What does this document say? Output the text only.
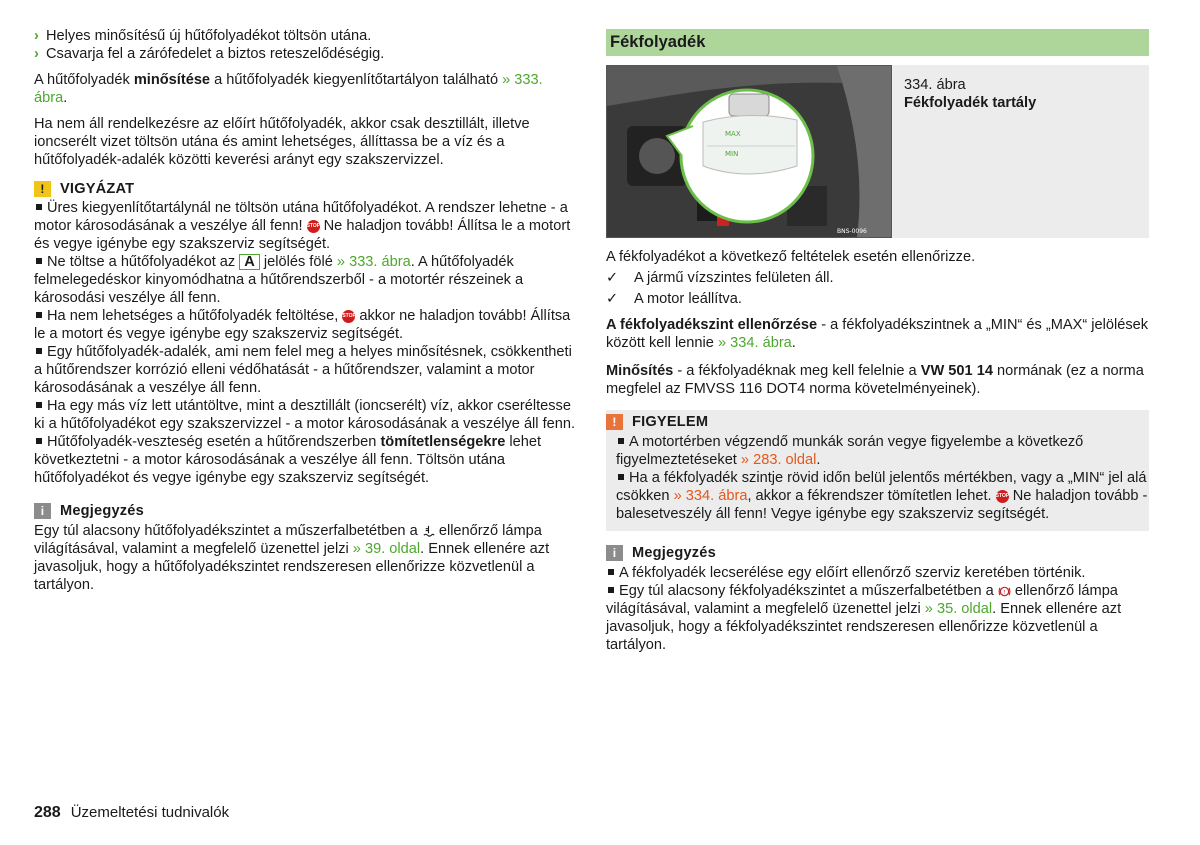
› Helyes minősítésű új hűtőfolyadékot töltsön utána.

› Csavarja fel a zárófedelet a biztos reteszelődéségig.

A hűtőfolyadék minősítése a hűtőfolyadék kiegyenlítőtartályon található » 333. ábra.

Ha nem áll rendelkezésre az előírt hűtőfolyadék, akkor csak desztillált, illetve ioncserélt vizet töltsön utána és amint lehetséges, állíttassa be a víz és a hűtőfolyadék-adalék közötti keverési arányt egy szakszervizzel.

!	VIGYÁZAT

Üres kiegyenlítőtartálynál ne töltsön utána hűtőfolyadékot. A rendszer lehetne - a motor károsodásának a veszélye áll fenn! STOP Ne haladjon tovább! Állítsa le a motort és vegye igénybe egy szakszerviz segítségét.

Ne töltse a hűtőfolyadékot az A jelölés fölé » 333. ábra. A hűtőfolyadék felmelegedéskor kinyomódhatna a hűtőrendszerből - a motortér részeinek a károsodási veszélye áll fenn.

Ha nem lehetséges a hűtőfolyadék feltöltése, STOP akkor ne haladjon tovább! Állítsa le a motort és vegye igénybe egy szakszerviz segítségét.

Egy hűtőfolyadék-adalék, ami nem felel meg a helyes minősítésnek, csökkentheti a hűtőrendszer korrózió elleni védőhatását - a hűtőrendszer, valamint a motor károsodásának a veszélye áll fenn.

Ha egy más víz lett utántöltve, mint a desztillált (ioncserélt) víz, akkor cseréltesse ki a hűtőfolyadékot egy szakszervizzel - a motor károsodásának a veszélye áll fenn.

Hűtőfolyadék-veszteség esetén a hűtőrendszerben tömítetlenségekre lehet következtetni - a motor károsodásának a veszélye áll fenn. Töltsön utána hűtőfolyadékot és vegye igénybe egy szakszerviz segítségét.

i	Megjegyzés

Egy túl alacsony hűtőfolyadékszintet a műszerfalbetétben a  ellenőrző lámpa világításával, valamint a megfelelő üzenettel jelzi » 39. oldal. Ennek ellenére azt javasoljuk, hogy a hűtőfolyadékszintet rendszeresen ellenőrizze közvetlenül a tartályon.

Fékfolyadék
MAX
MIN
BNS-0096
334. ábra
Fékfolyadék tartály

A fékfolyadékot a következő feltételek esetén ellenőrizze.

✓ A jármű vízszintes felületen áll.

✓ A motor leállítva.

A fékfolyadékszint ellenőrzése - a fékfolyadékszintnek a „MIN“ és „MAX“ jelölések között kell lennie » 334. ábra.

Minősítés - a fékfolyadéknak meg kell felelnie a VW 501 14 normának (ez a norma megfelel az FMVSS 116 DOT4 norma követelményeinek).

!	FIGYELEM

A motortérben végzendő munkák során vegye figyelembe a következő figyelmeztetéseket » 283. oldal.

Ha a fékfolyadék szintje rövid időn belül jelentős mértékben, vagy a „MIN“ jel alá csökken » 334. ábra, akkor a fékrendszer tömítetlen lehet. STOP Ne haladjon tovább - balesetveszély áll fenn! Vegye igénybe egy szakszerviz segítségét.

i	Megjegyzés

A fékfolyadék lecserélése egy előírt ellenőrző szerviz keretében történik.

Egy túl alacsony fékfolyadékszintet a műszerfalbetétben a ! ellenőrző lámpa világításával, valamint a megfelelő üzenettel jelzi » 35. oldal. Ennek ellenére azt javasoljuk, hogy a fékfolyadékszintet rendszeresen ellenőrizze közvetlenül a tartályon.

288 Üzemeltetési tudnivalók
